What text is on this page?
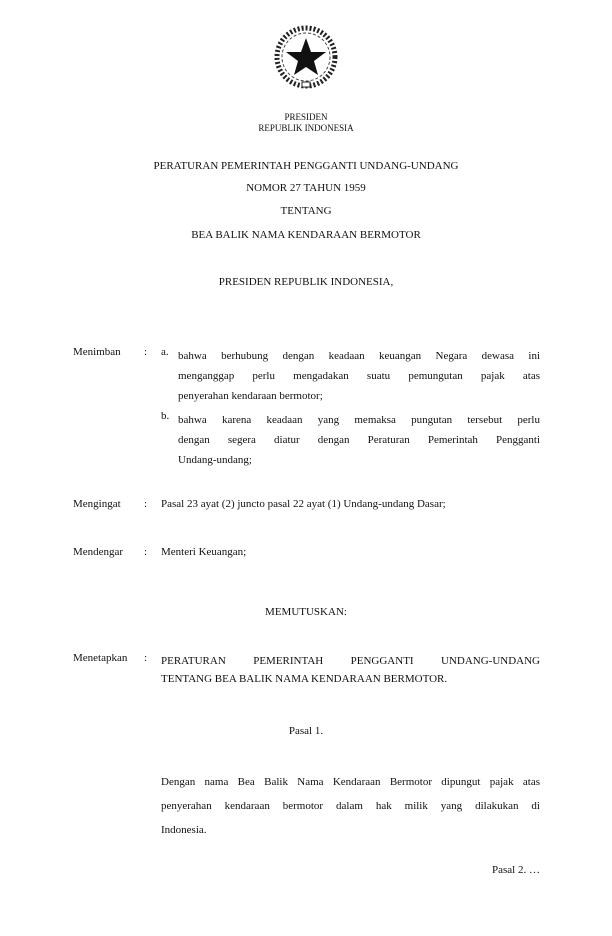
PRESIDEN
REPUBLIK INDONESIA
PERATURAN PEMERINTAH PENGGANTI UNDANG-UNDANG
NOMOR 27 TAHUN 1959
TENTANG
BEA BALIK NAMA KENDARAAN BERMOTOR
PRESIDEN REPUBLIK INDONESIA,
Menimban : a. bahwa berhubung dengan keadaan keuangan Negara dewasa ini
menganggap perlu mengadakan suatu pemungutan pajak atas
penyerahan kendaraan bermotor;
b. bahwa karena keadaan yang memaksa pungutan tersebut perlu
dengan segera diatur dengan Peraturan Pemerintah Pengganti
Undang-undang;
Mengingat : Pasal 23 ayat (2) juncto pasal 22 ayat (1) Undang-undang Dasar;
Mendengar : Menteri Keuangan;
MEMUTUSKAN:
Menetapkan : PERATURAN PEMERINTAH PENGGANTI UNDANG-UNDANG
TENTANG BEA BALIK NAMA KENDARAAN BERMOTOR.
Pasal 1.
Dengan nama Bea Balik Nama Kendaraan Bermotor dipungut pajak atas
penyerahan kendaraan bermotor dalam hak milik yang dilakukan di
Indonesia.
Pasal 2. …
